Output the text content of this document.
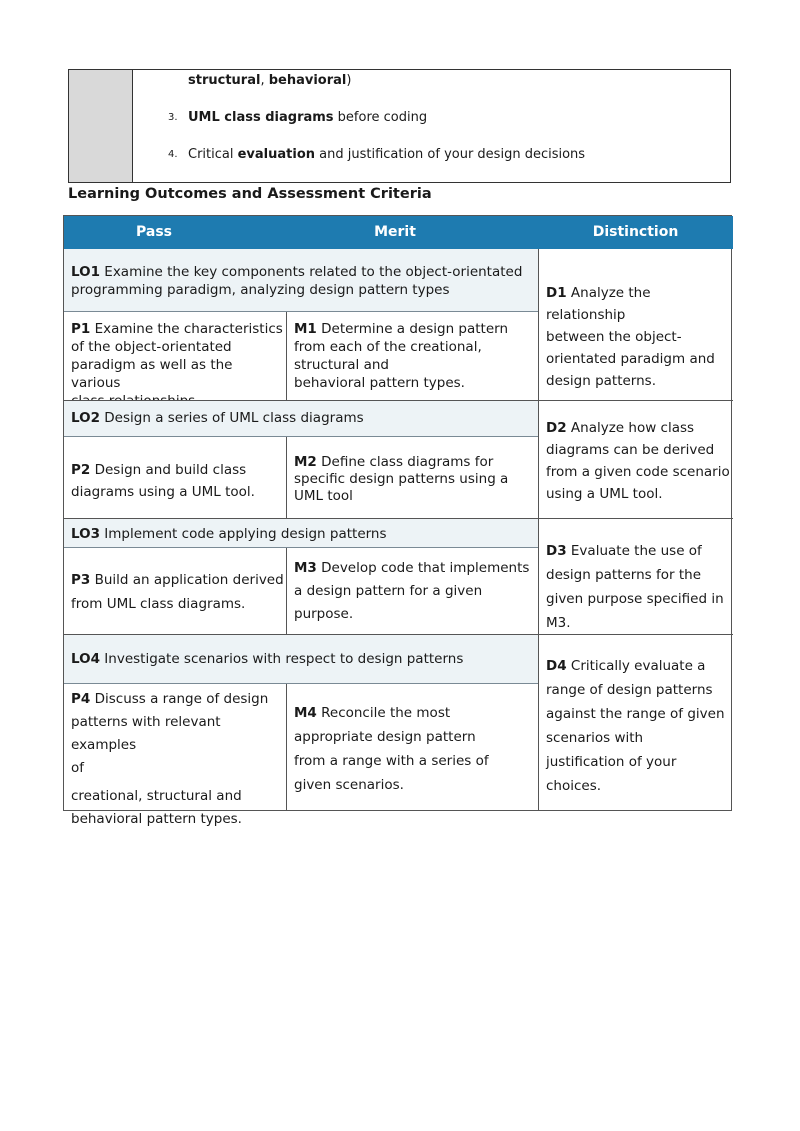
structural, behavioral)
3. UML class diagrams before coding
4. Critical evaluation and justification of your design decisions
Learning Outcomes and Assessment Criteria
Pass	Merit	Distinction
LO1 Examine the key components related to the object-orientated
programming paradigm, analyzing design pattern types
P1 Examine the characteristics
of the object-orientated
paradigm as well as the various
M1 Determine a design pattern
from each of the creational,
structural and
behavioral pattern types.
D1 Analyze the relationship
between the object-
orientated paradigm and
design patterns.
LO2 Design a series of UML class diagrams
P2 Design and build class
diagrams using a UML tool.
M2 Define class diagrams for
specific design patterns using a
UML tool
D2 Analyze how class
diagrams can be derived
from a given code scenario
using a UML tool.
LO3 Implement code applying design patterns
P3 Build an application derived
from UML class diagrams.
M3 Develop code that implements
a design pattern for a given
purpose.
D3 Evaluate the use of
design patterns for the
given purpose specified in
M3.
LO4 Investigate scenarios with respect to design patterns
P4 Discuss a range of design
patterns with relevant examples
of
creational, structural and
behavioral pattern types.
M4 Reconcile the most
appropriate design pattern
from a range with a series of
given scenarios.
D4 Critically evaluate a
range of design patterns
against the range of given
scenarios with
justification of your
choices.
